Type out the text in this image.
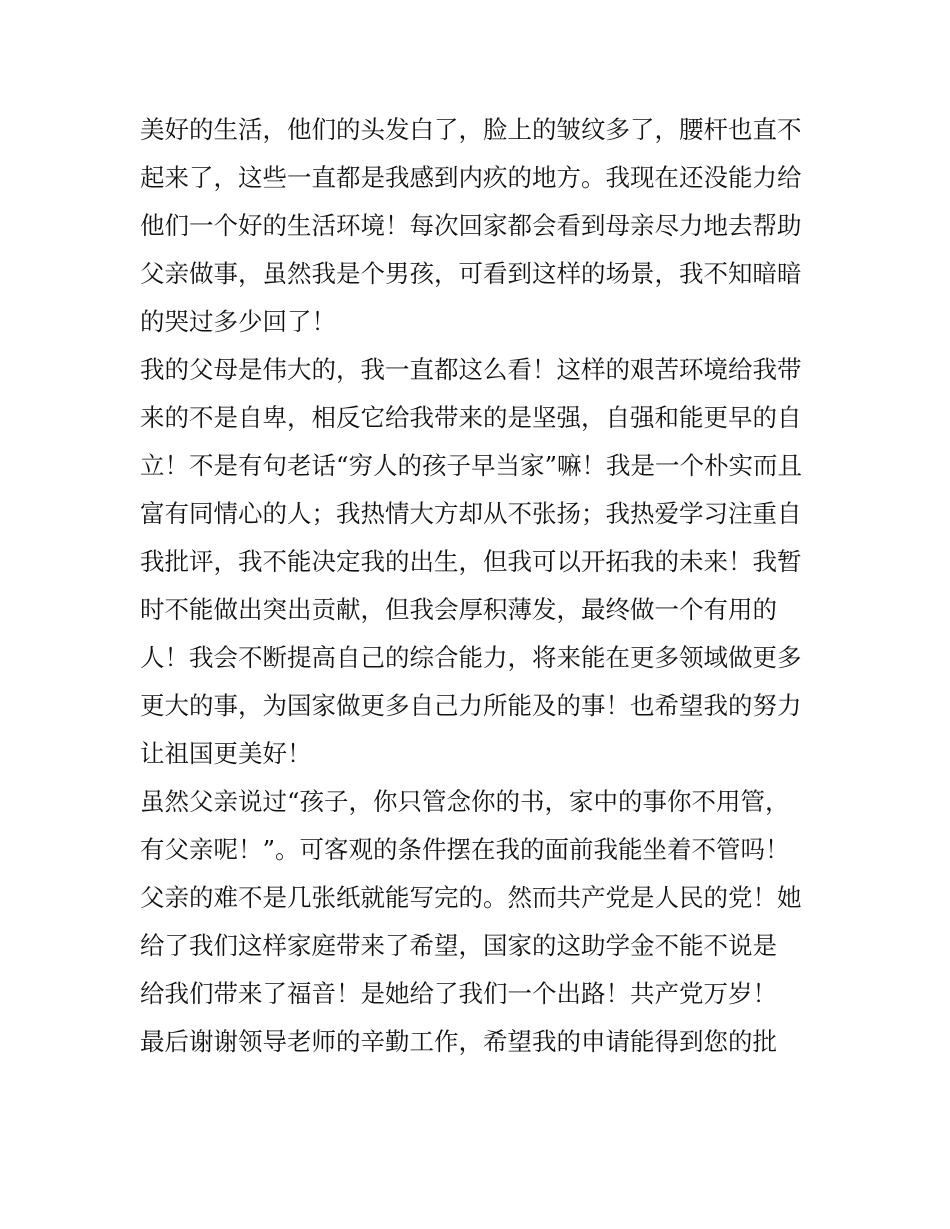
美好的生活，他们的头发白了，脸上的皱纹多了，腰杆也直不
起来了，这些一直都是我感到内疚的地方。我现在还没能力给
他们一个好的生活环境！每次回家都会看到母亲尽力地去帮助
父亲做事，虽然我是个男孩，可看到这样的场景，我不知暗暗
的哭过多少回了！
我的父母是伟大的，我一直都这么看！这样的艰苦环境给我带
来的不是自卑，相反它给我带来的是坚强，自强和能更早的自
立！不是有句老话“穷人的孩子早当家”嘛！我是一个朴实而且
富有同情心的人；我热情大方却从不张扬；我热爱学习注重自
我批评，我不能决定我的出生，但我可以开拓我的未来！我暂
时不能做出突出贡献，但我会厚积薄发，最终做一个有用的
人！我会不断提高自己的综合能力，将来能在更多领域做更多
更大的事，为国家做更多自己力所能及的事！也希望我的努力
让祖国更美好！
虽然父亲说过“孩子，你只管念你的书，家中的事你不用管，
有父亲呢！”。可客观的条件摆在我的面前我能坐着不管吗！
父亲的难不是几张纸就能写完的。然而共产党是人民的党！她
给了我们这样家庭带来了希望，国家的这助学金不能不说是
给我们带来了福音！是她给了我们一个出路！共产党万岁！
最后谢谢领导老师的辛勤工作，希望我的申请能得到您的批
